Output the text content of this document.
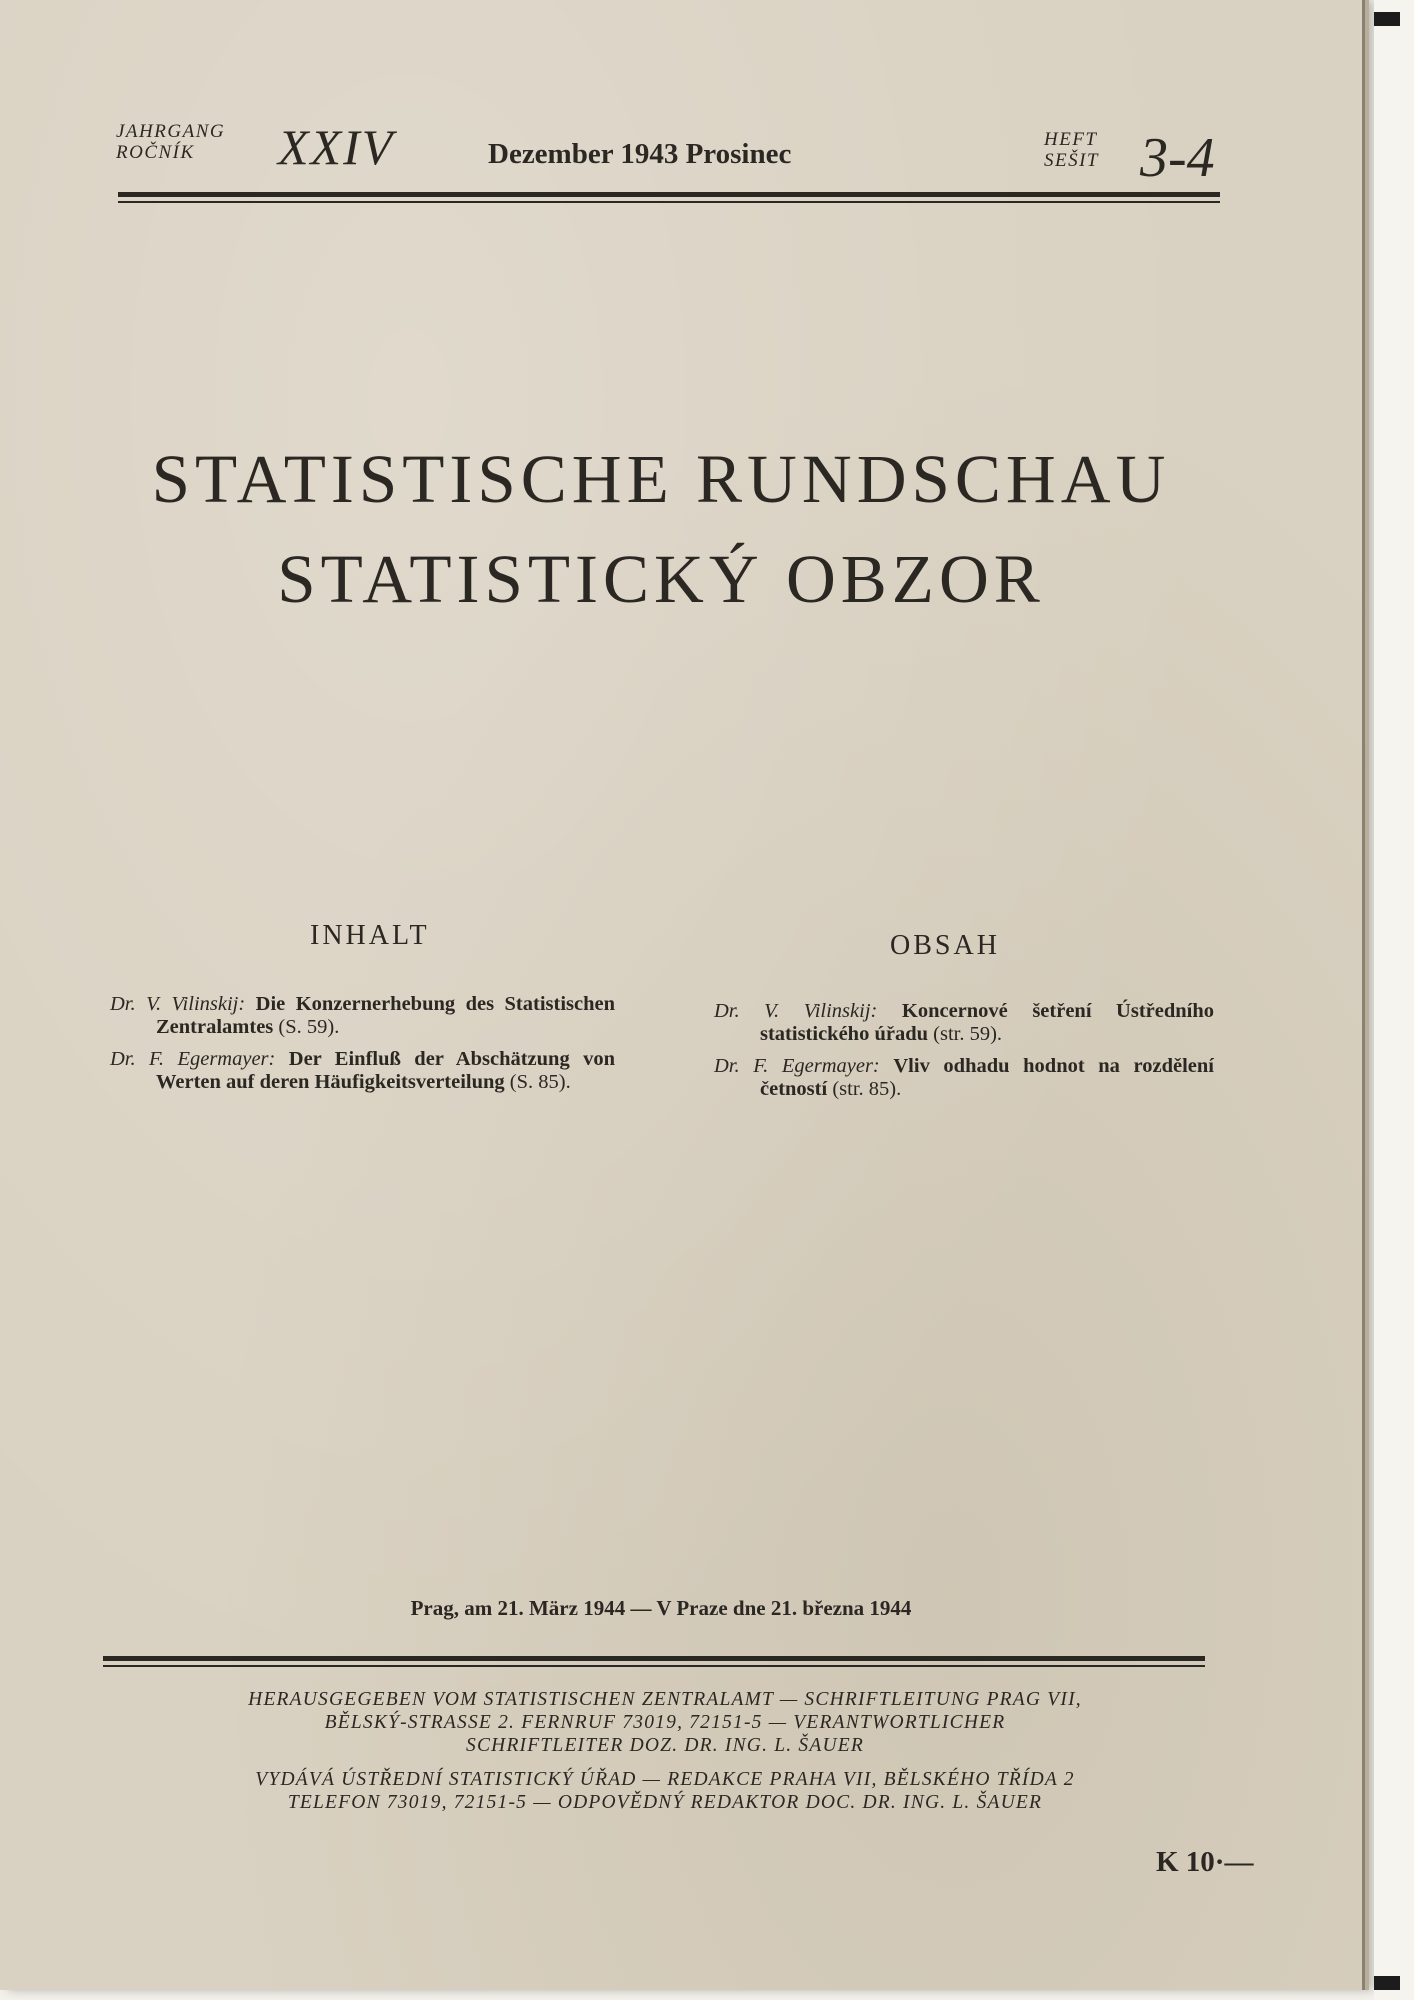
JAHRGANG
ROČNÍK XXIV	Dezember 1943 Prosinec	HEFT
SEŠIT 3-4
STATISTISCHE RUNDSCHAU
STATISTICKÝ OBZOR
INHALT	OBSAH

Dr. V. Vilinskij: Die Konzernerhebung des Statistischen Zentralamtes (S. 59).

Dr. F. Egermayer: Der Einfluß der Abschätzung von Werten auf deren Häufigkeitsverteilung (S. 85).

Dr. V. Vilinskij: Koncernové šetření Ústředního statistického úřadu (str. 59).

Dr. F. Egermayer: Vliv odhadu hodnot na rozdělení četností (str. 85).

Prag, am 21. März 1944 — V Praze dne 21. března 1944
HERAUSGEGEBEN VOM STATISTISCHEN ZENTRALAMT — SCHRIFTLEITUNG PRAG VII,
BĚLSKÝ-STRASSE 2. FERNRUF 73019, 72151-5 — VERANTWORTLICHER
SCHRIFTLEITER DOZ. DR. ING. L. ŠAUER
VYDÁVÁ ÚSTŘEDNÍ STATISTICKÝ ÚŘAD — REDAKCE PRAHA VII, BĚLSKÉHO TŘÍDA 2
TELEFON 73019, 72151-5 — ODPOVĚDNÝ REDAKTOR DOC. DR. ING. L. ŠAUER
K 10·—
